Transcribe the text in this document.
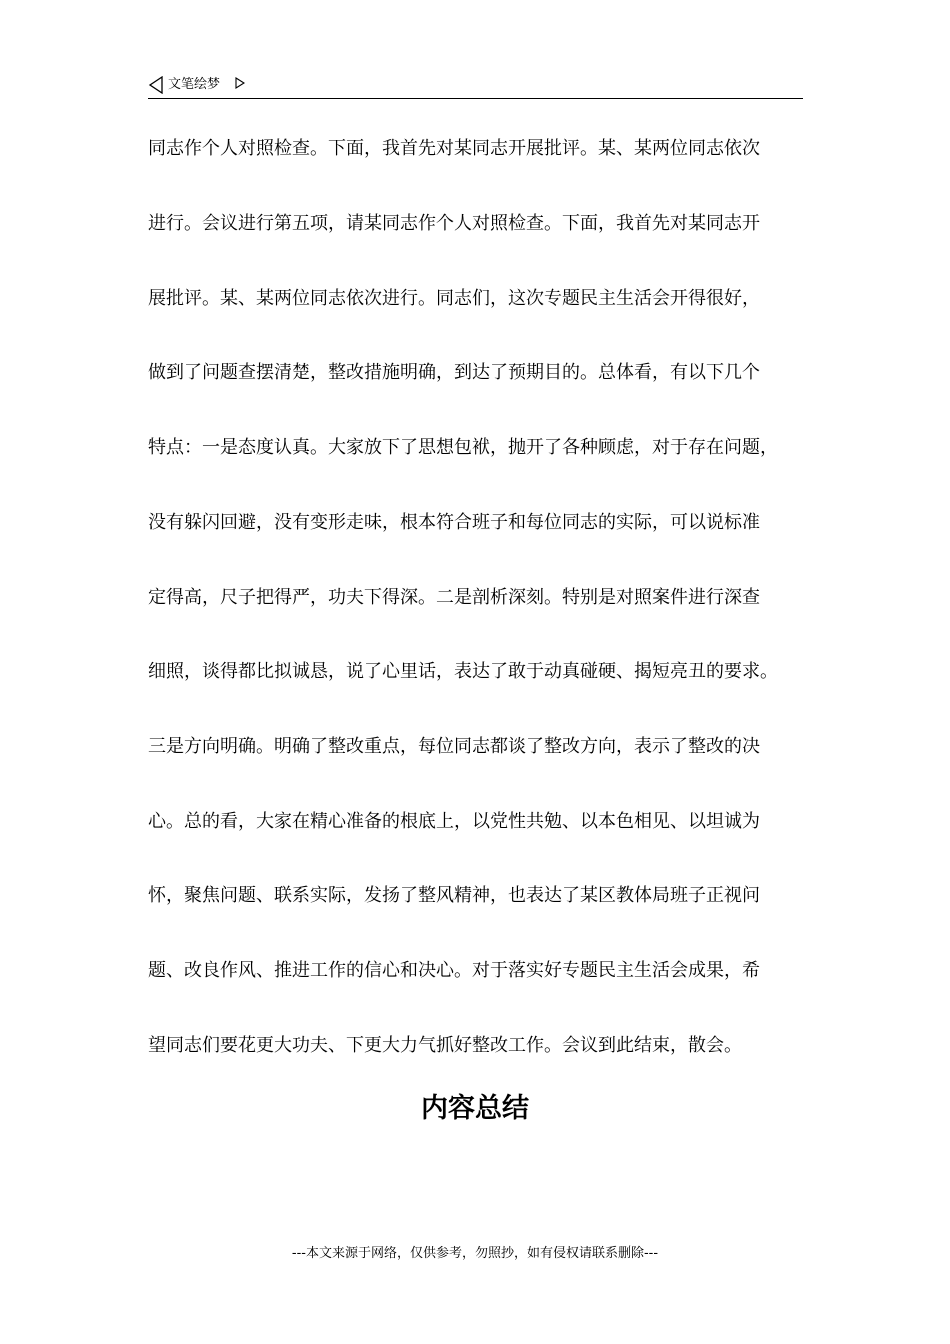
文笔绘梦
同志作个人对照检查。下面，我首先对某同志开展批评。某、某两位同志依次
进行。会议进行第五项，请某同志作个人对照检查。下面，我首先对某同志开
展批评。某、某两位同志依次进行。同志们，这次专题民主生活会开得很好，
做到了问题查摆清楚，整改措施明确，到达了预期目的。总体看，有以下几个
特点：一是态度认真。大家放下了思想包袱，抛开了各种顾虑，对于存在问题，
没有躲闪回避，没有变形走味，根本符合班子和每位同志的实际，可以说标准
定得高，尺子把得严，功夫下得深。二是剖析深刻。特别是对照案件进行深查
细照，谈得都比拟诚恳，说了心里话，表达了敢于动真碰硬、揭短亮丑的要求。
三是方向明确。明确了整改重点，每位同志都谈了整改方向，表示了整改的决
心。总的看，大家在精心准备的根底上，以党性共勉、以本色相见、以坦诚为
怀，聚焦问题、联系实际，发扬了整风精神，也表达了某区教体局班子正视问
题、改良作风、推进工作的信心和决心。对于落实好专题民主生活会成果，希
望同志们要花更大功夫、下更大力气抓好整改工作。会议到此结束，散会。
内容总结
---本文来源于网络，仅供参考，勿照抄，如有侵权请联系删除---
